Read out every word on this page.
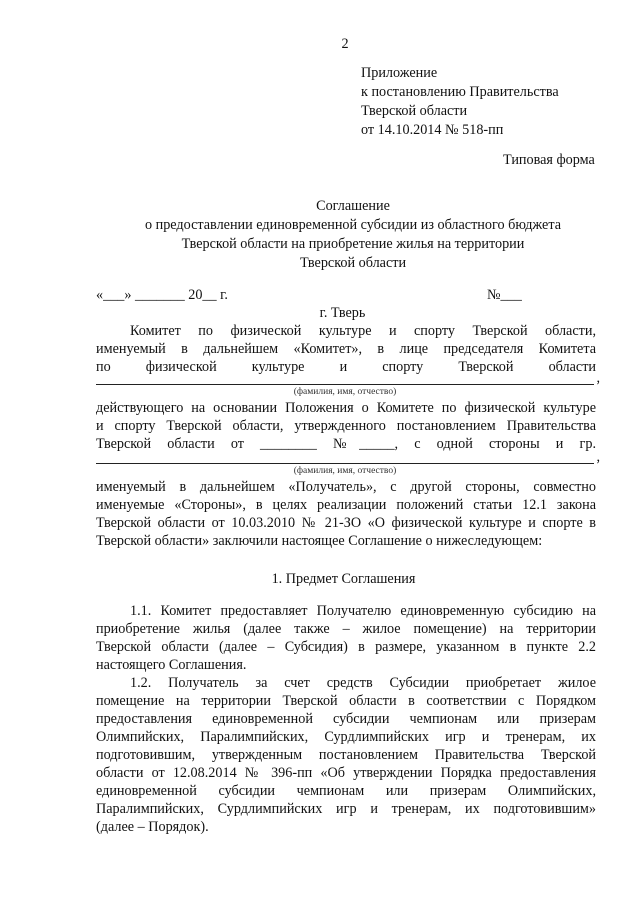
2
Приложение
к постановлению Правительства
Тверской области
от 14.10.2014 № 518-пп
Типовая форма
Соглашение
о предоставлении единовременной субсидии из областного бюджета
Тверской области на приобретение жилья на территории
Тверской области
«___» _______ 20__ г.	№___
г. Тверь
Комитет по физической культуре и спорту Тверской области,
именуемый в дальнейшем «Комитет», в лице председателя Комитета
по физической культуре и спорту Тверской области
,
(фамилия, имя, отчество)
действующего на основании Положения о Комитете по физической культуре
и спорту Тверской области, утвержденного постановлением Правительства
Тверской области от ________ №_____, с одной стороны и гр.
,
(фамилия, имя, отчество)
именуемый в дальнейшем «Получатель», с другой стороны, совместно
именуемые «Стороны», в целях реализации положений статьи 12.1 закона
Тверской области от 10.03.2010 № 21-ЗО «О физической культуре и спорте в
Тверской области» заключили настоящее Соглашение о нижеследующем:
1. Предмет Соглашения
1.1. Комитет предоставляет Получателю единовременную субсидию на
приобретение жилья (далее также – жилое помещение) на территории
Тверской области (далее – Субсидия) в размере, указанном в пункте 2.2
настоящего Соглашения.
1.2. Получатель за счет средств Субсидии приобретает жилое
помещение на территории Тверской области в соответствии с Порядком
предоставления единовременной субсидии чемпионам или призерам
Олимпийских, Паралимпийских, Сурдлимпийских игр и тренерам, их
подготовившим, утвержденным постановлением Правительства Тверской
области от 12.08.2014 № 396-пп «Об утверждении Порядка предоставления
единовременной субсидии чемпионам или призерам Олимпийских,
Паралимпийских, Сурдлимпийских игр и тренерам, их подготовившим»
(далее – Порядок).
